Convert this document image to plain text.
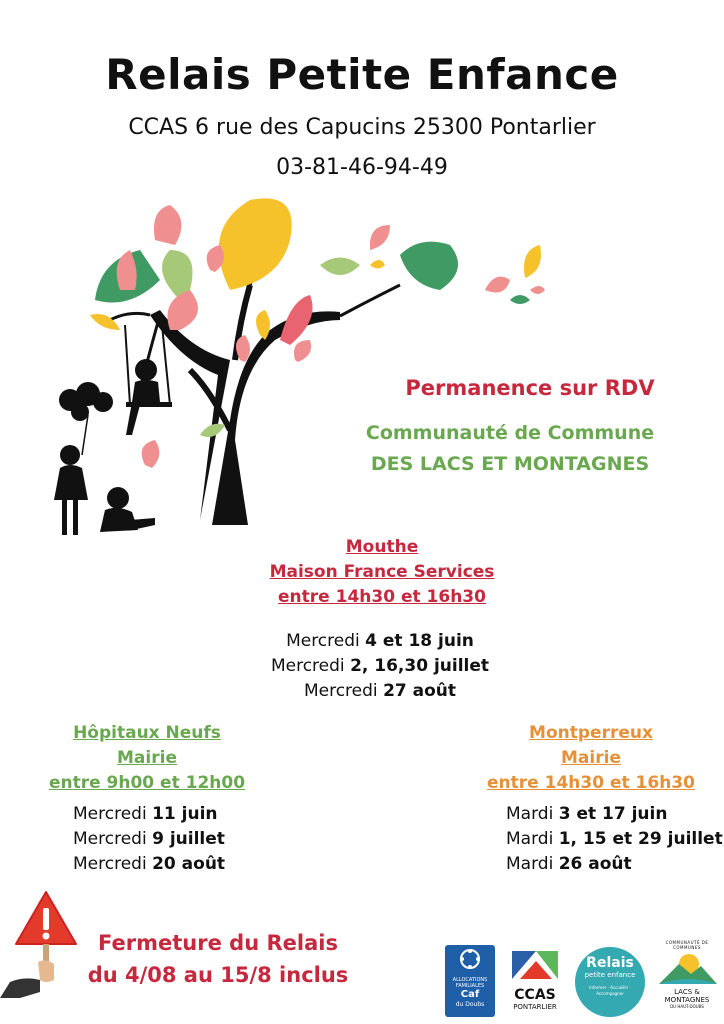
Relais Petite Enfance
CCAS 6 rue des Capucins 25300 Pontarlier
03-81-46-94-49
Permanence sur RDV
Communauté de Commune
DES LACS ET MONTAGNES
Mouthe
Maison France Services
entre 14h30 et 16h30
Mercredi 4 et 18 juin
Mercredi 2, 16,30 juillet
Mercredi 27 août
Hôpitaux Neufs
Mairie
entre 9h00 et 12h00
Mercredi 11 juin
Mercredi 9 juillet
Mercredi 20 août
Montperreux
Mairie
entre 14h30 et 16h30
Mardi 3 et 17 juin
Mardi 1, 15 et 29 juillet
Mardi 26 août
Fermeture du Relais
du 4/08 au 15/8 inclus	ALLOCATIONS
FAMILIALES
Caf
du Doubs
CCAS
PONTARLIER
Relais
petite enfance
Informer · Accueillir · Accompagner
COMMUNAUTÉ DE COMMUNES
LACS &
MONTAGNES
DU HAUT-DOUBS
